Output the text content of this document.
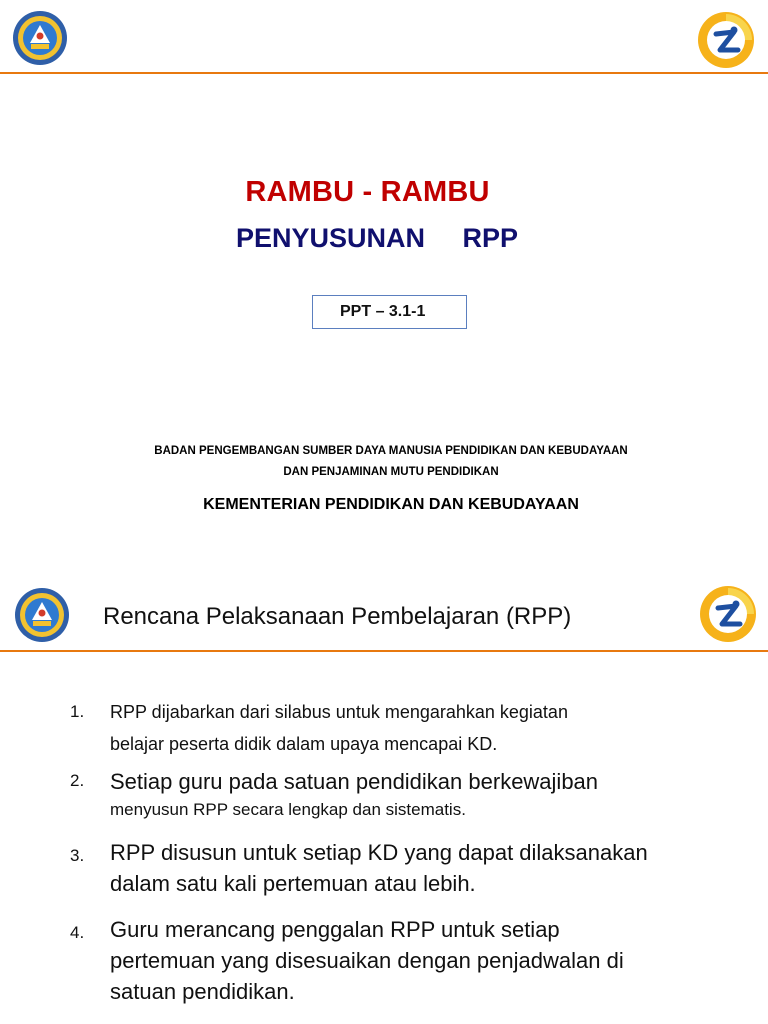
RAMBU - RAMBU
PENYUSUNAN RPP
PPT – 3.1-1
BADAN PENGEMBANGAN SUMBER DAYA MANUSIA PENDIDIKAN DAN KEBUDAYAAN
DAN PENJAMINAN MUTU PENDIDIKAN
KEMENTERIAN PENDIDIKAN DAN KEBUDAYAAN
Rencana Pelaksanaan Pembelajaran (RPP)
1. RPP dijabarkan dari silabus untuk mengarahkan kegiatan
belajar peserta didik dalam upaya mencapai KD.
2. Setiap guru pada satuan pendidikan berkewajiban
menyusun RPP secara lengkap dan sistematis.
3. RPP disusun untuk setiap KD yang dapat dilaksanakan
dalam satu kali pertemuan atau lebih.
4. Guru merancang penggalan RPP untuk setiap
pertemuan yang disesuaikan dengan penjadwalan di
satuan pendidikan.
